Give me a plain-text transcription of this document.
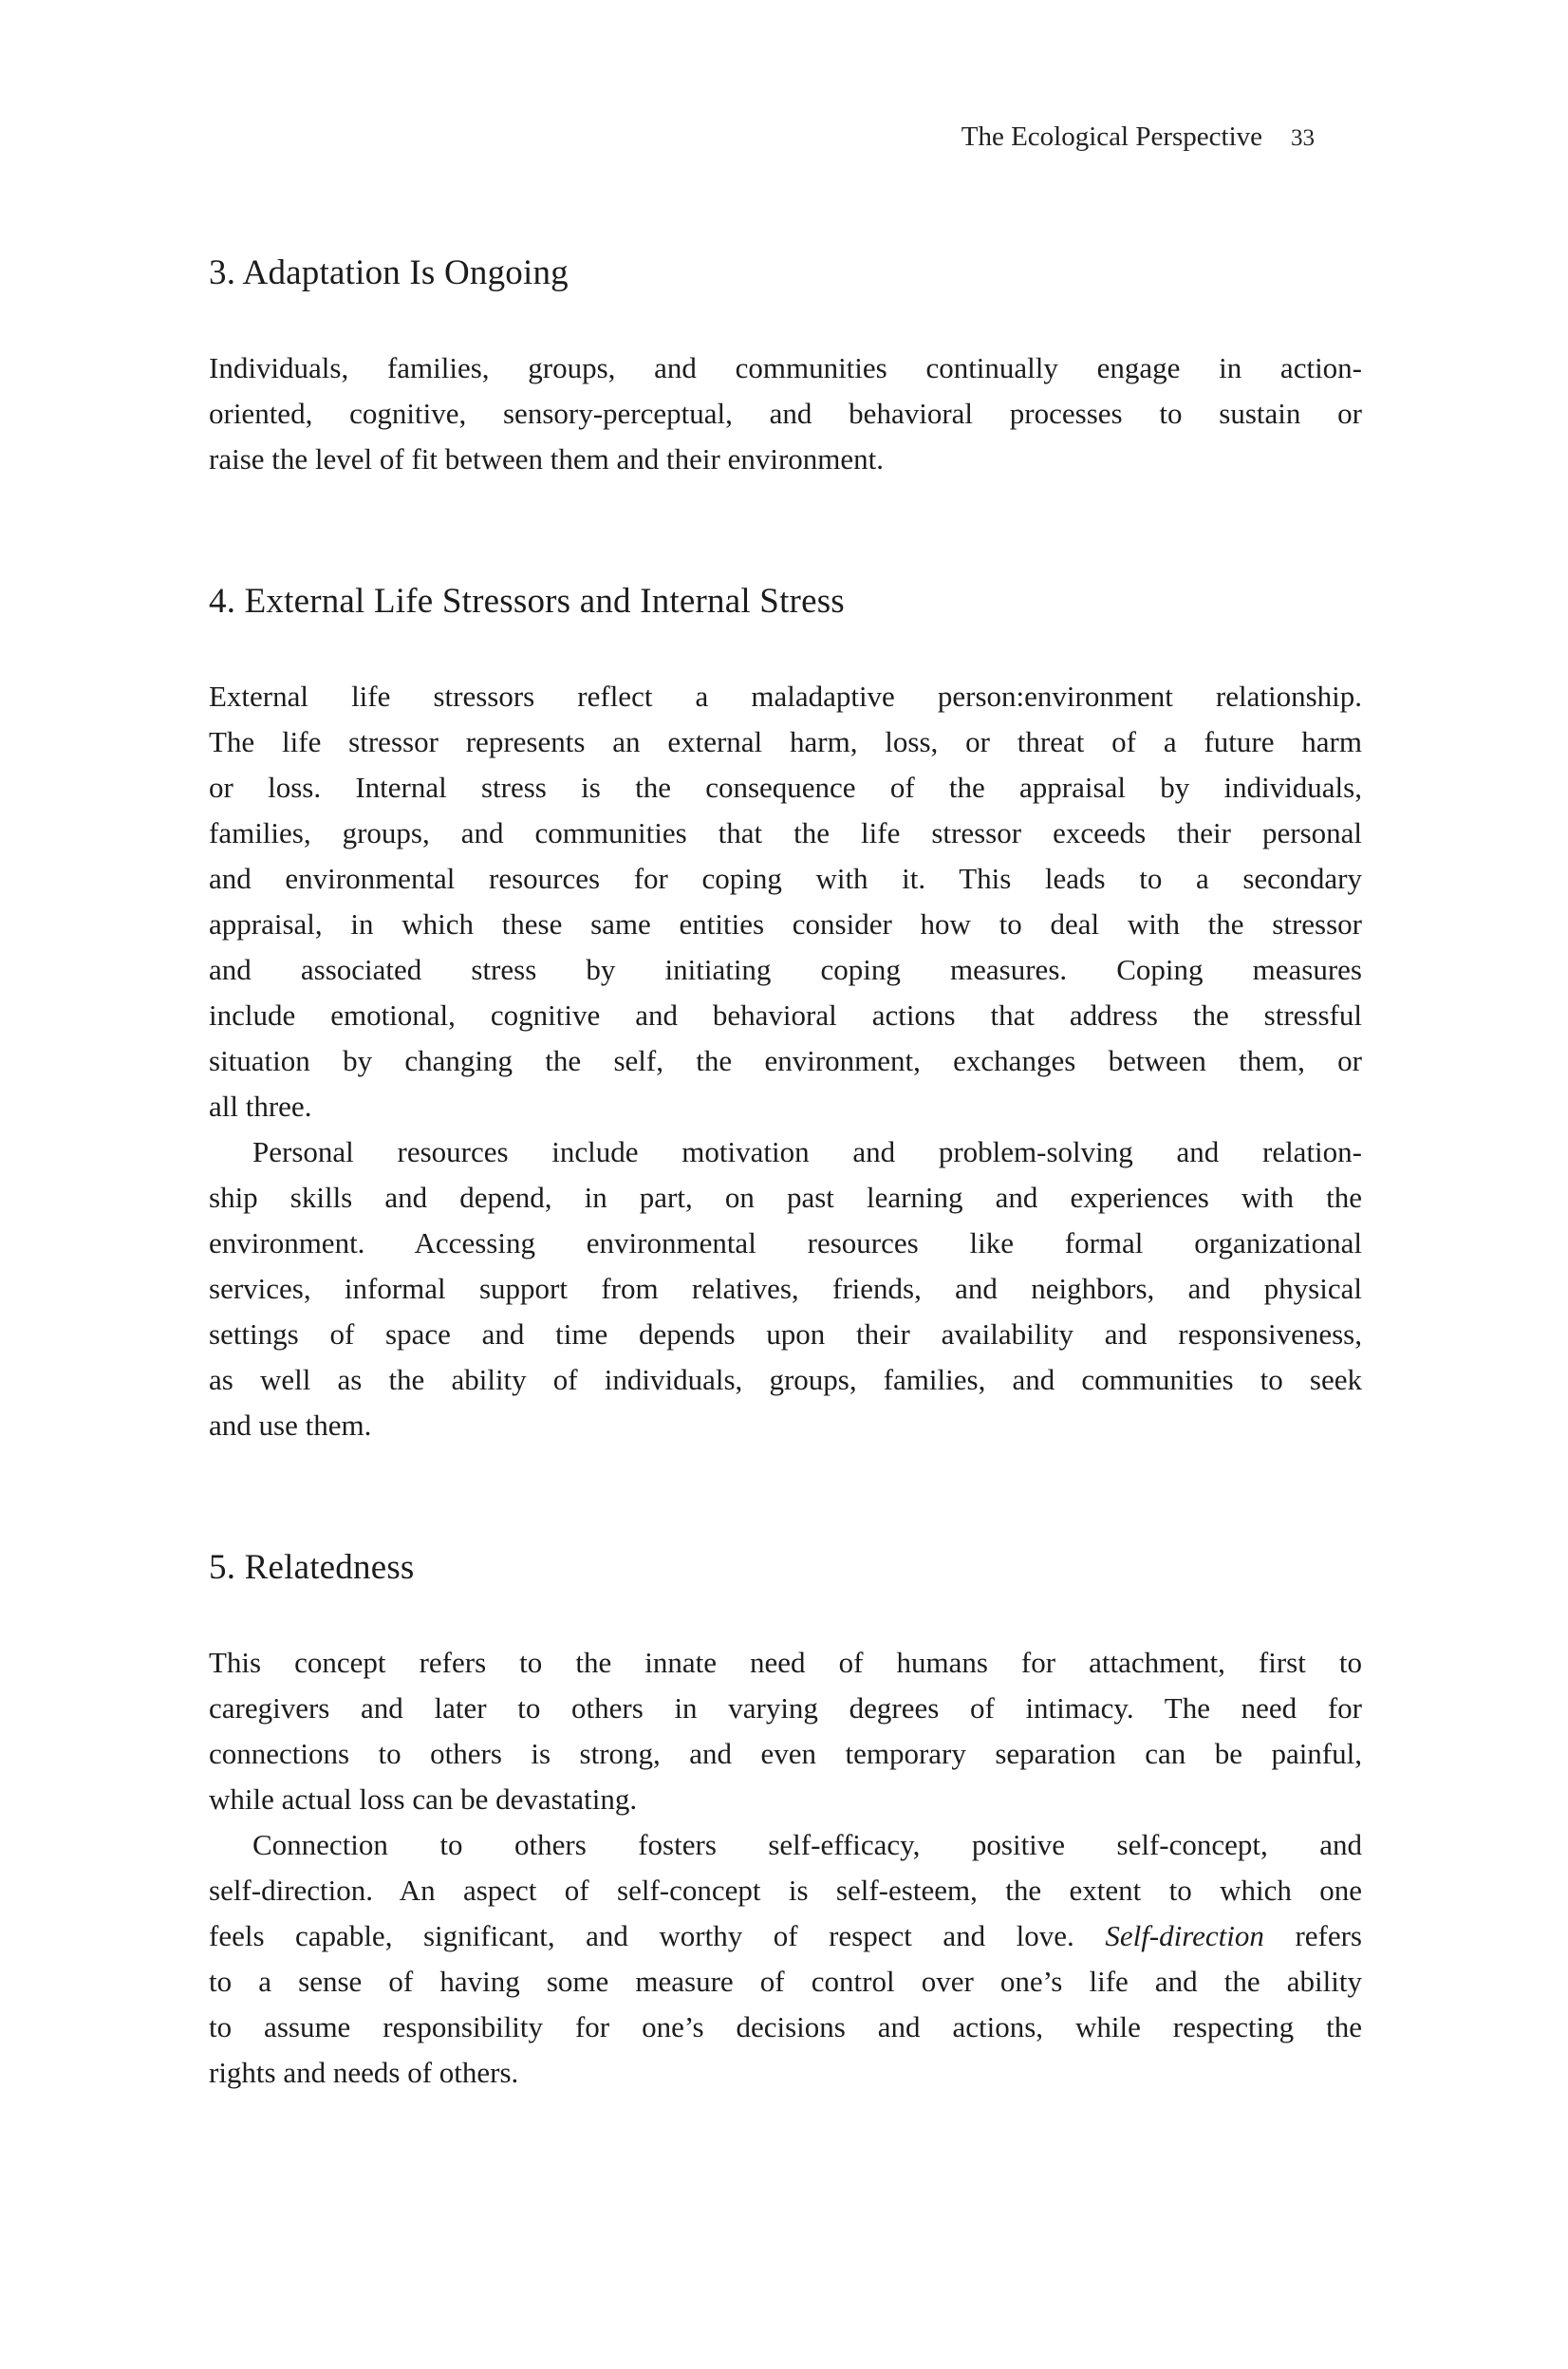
The Ecological Perspective 33
3. Adaptation Is Ongoing
Individuals, families, groups, and communities continually engage in action-
oriented, cognitive, sensory-perceptual, and behavioral processes to sustain or
raise the level of fit between them and their environment.
4. External Life Stressors and Internal Stress
External life stressors reflect a maladaptive person:environment relationship.
The life stressor represents an external harm, loss, or threat of a future harm
or loss. Internal stress is the consequence of the appraisal by individuals,
families, groups, and communities that the life stressor exceeds their personal
and environmental resources for coping with it. This leads to a secondary
appraisal, in which these same entities consider how to deal with the stressor
and associated stress by initiating coping measures. Coping measures
include emotional, cognitive and behavioral actions that address the stressful
situation by changing the self, the environment, exchanges between them, or
all three.
Personal resources include motivation and problem-solving and relation-
ship skills and depend, in part, on past learning and experiences with the
environment. Accessing environmental resources like formal organizational
services, informal support from relatives, friends, and neighbors, and physical
settings of space and time depends upon their availability and responsiveness,
as well as the ability of individuals, groups, families, and communities to seek
and use them.
5. Relatedness
This concept refers to the innate need of humans for attachment, first to
caregivers and later to others in varying degrees of intimacy. The need for
connections to others is strong, and even temporary separation can be painful,
while actual loss can be devastating.
Connection to others fosters self-efficacy, positive self-concept, and
self-direction. An aspect of self-concept is self-esteem, the extent to which one
feels capable, significant, and worthy of respect and love. Self-direction refers
to a sense of having some measure of control over one’s life and the ability
to assume responsibility for one’s decisions and actions, while respecting the
rights and needs of others.
